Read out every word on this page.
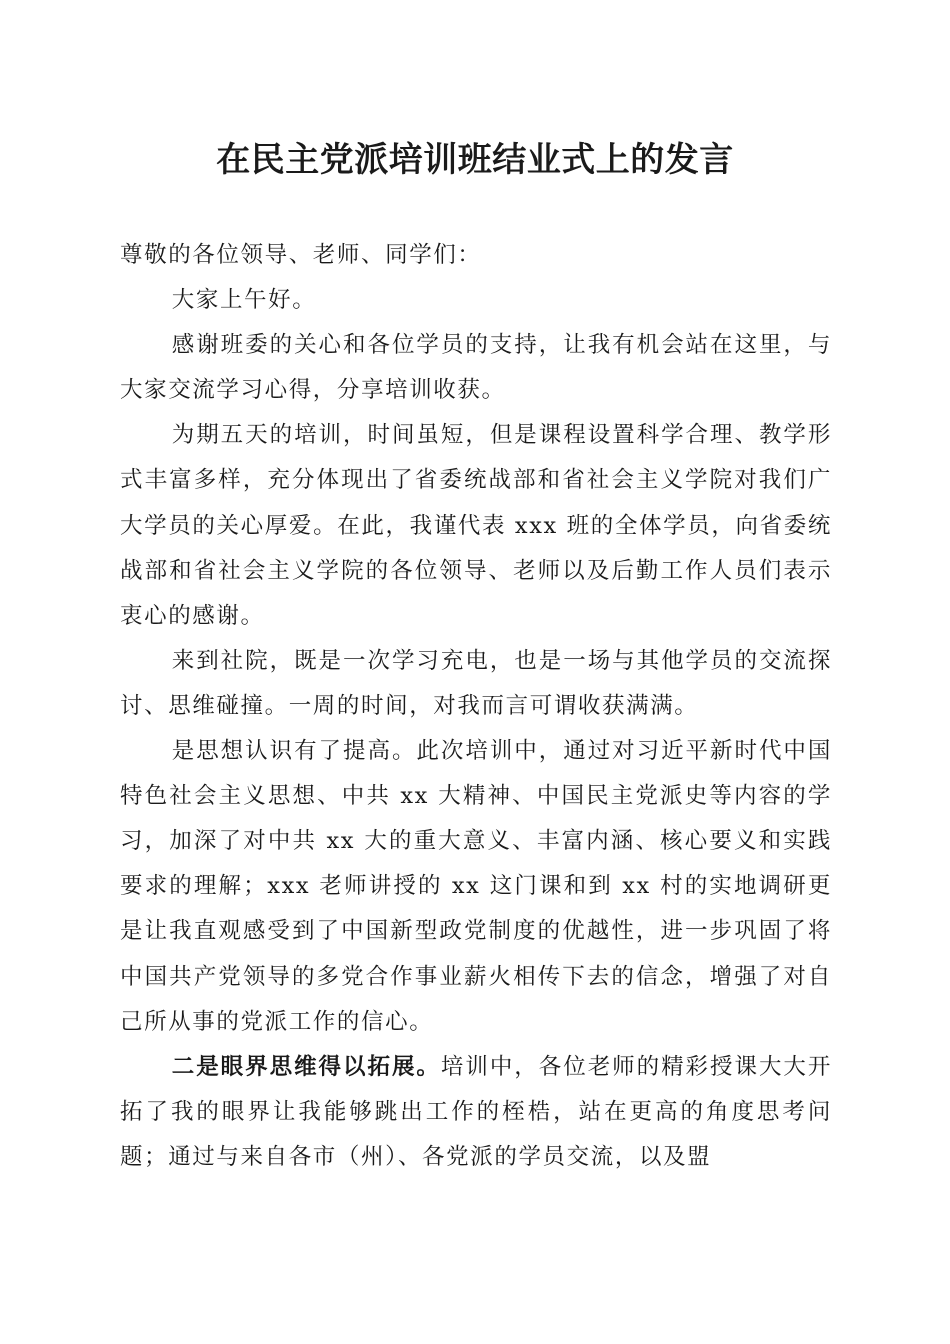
在民主党派培训班结业式上的发言

尊敬的各位领导、老师、同学们：

大家上午好。

感谢班委的关心和各位学员的支持，让我有机会站在这里，与大家交流学习心得，分享培训收获。

为期五天的培训，时间虽短，但是课程设置科学合理、教学形式丰富多样，充分体现出了省委统战部和省社会主义学院对我们广大学员的关心厚爱。在此，我谨代表 xxx 班的全体学员，向省委统战部和省社会主义学院的各位领导、老师以及后勤工作人员们表示衷心的感谢。

来到社院，既是一次学习充电，也是一场与其他学员的交流探讨、思维碰撞。一周的时间，对我而言可谓收获满满。

是思想认识有了提高。此次培训中，通过对习近平新时代中国特色社会主义思想、中共 xx 大精神、中国民主党派史等内容的学习，加深了对中共 xx 大的重大意义、丰富内涵、核心要义和实践要求的理解；xxx 老师讲授的 xx 这门课和到 xx 村的实地调研更是让我直观感受到了中国新型政党制度的优越性，进一步巩固了将中国共产党领导的多党合作事业薪火相传下去的信念，增强了对自己所从事的党派工作的信心。

二是眼界思维得以拓展。培训中，各位老师的精彩授课大大开拓了我的眼界让我能够跳出工作的桎梏，站在更高的角度思考问题；通过与来自各市（州）、各党派的学员交流，以及盟
